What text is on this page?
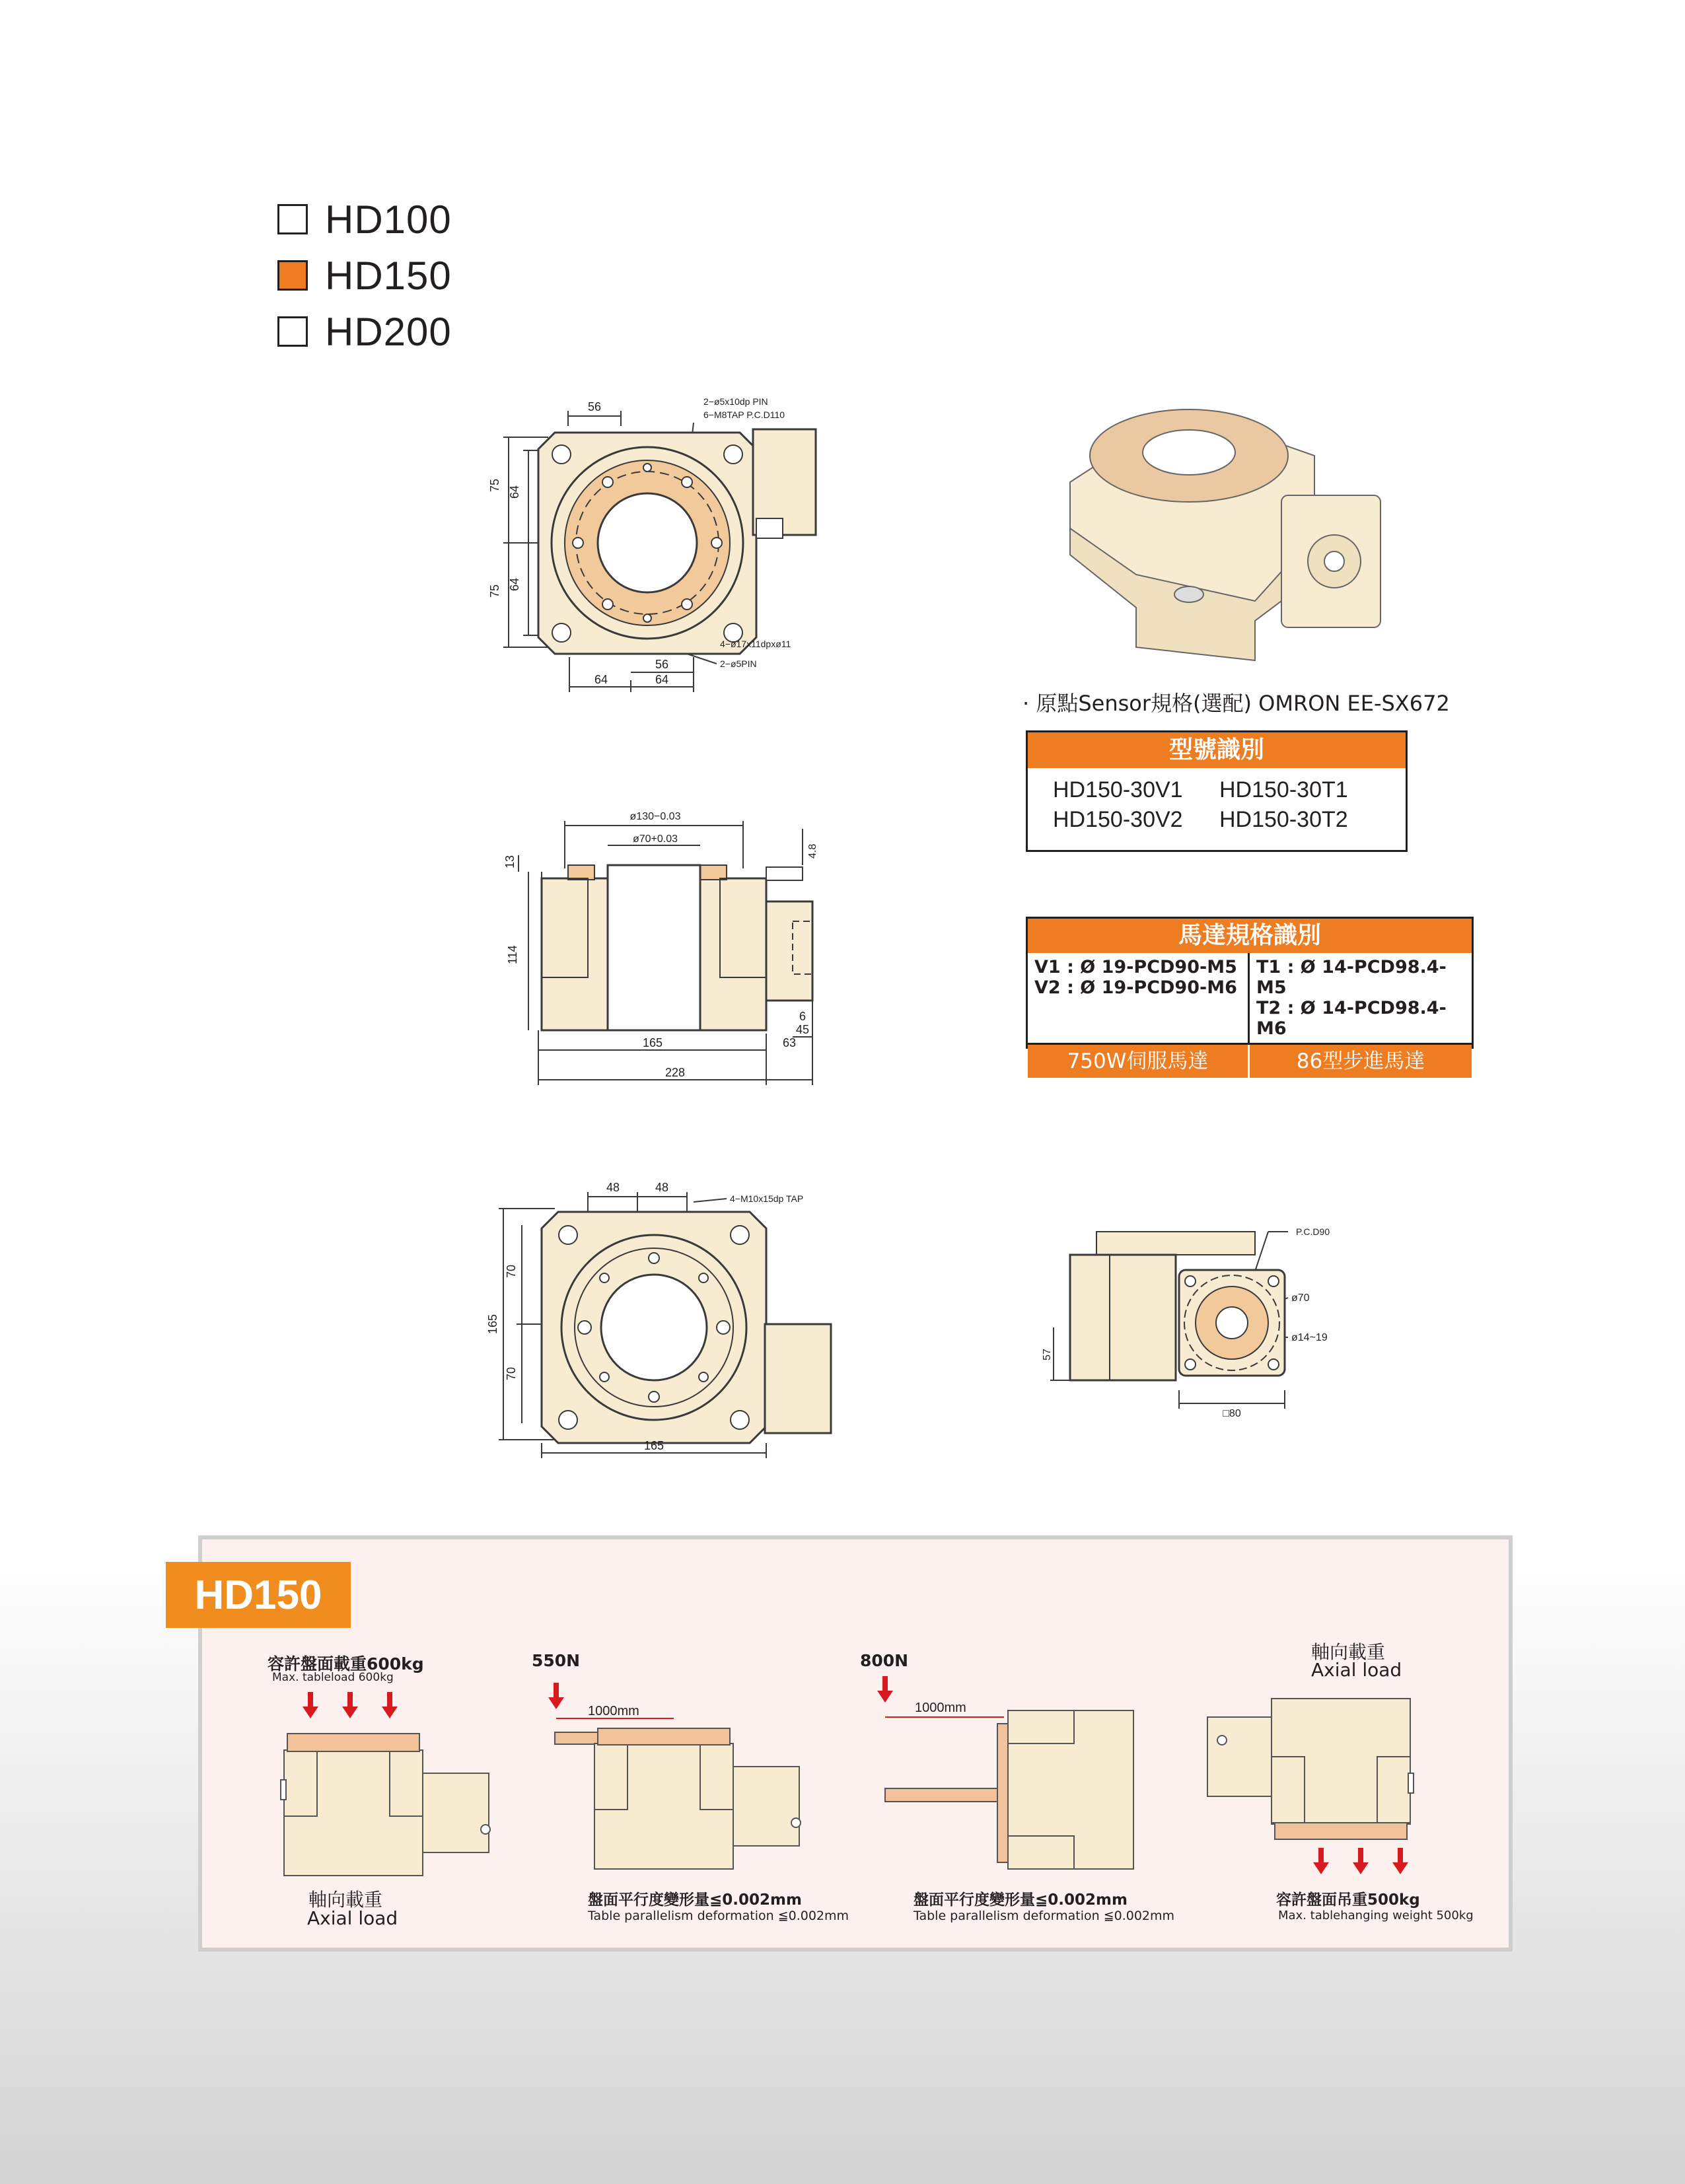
HD100
HD150
HD200
56	2−ø5x10dp PIN
6−M8TAP P.C.D110
75 64
75 64
4−ø17x11dpxø11
2−ø5PIN
56
64	64
· 原點Sensor規格(選配) OMRON EE-SX672
型號識別
HD150-30V1	HD150-30T1
HD150-30V2	HD150-30T2
馬達規格識別
V1 : Ø 19-PCD90-M5
V2 : Ø 19-PCD90-M6
T1 : Ø 14-PCD98.4-M5
T2 : Ø 14-PCD98.4-M6
750W伺服馬達	86型步進馬達
ø130−0.03
ø70+0.03
13
4.8
114
6
45
165	63
228
48	48
4−M10x15dp TAP
70
70
165
165
P.C.D90
ø70
ø14~19
57
□80
HD150
容許盤面載重600kg
Max. tableload 600kg
軸向載重
Axial load
550N
1000mm
盤面平行度變形量≦0.002mm
Table parallelism deformation ≦0.002mm
800N
1000mm
盤面平行度變形量≦0.002mm
Table parallelism deformation ≦0.002mm
軸向載重
Axial load
容許盤面吊重500kg
Max. tablehanging weight 500kg
